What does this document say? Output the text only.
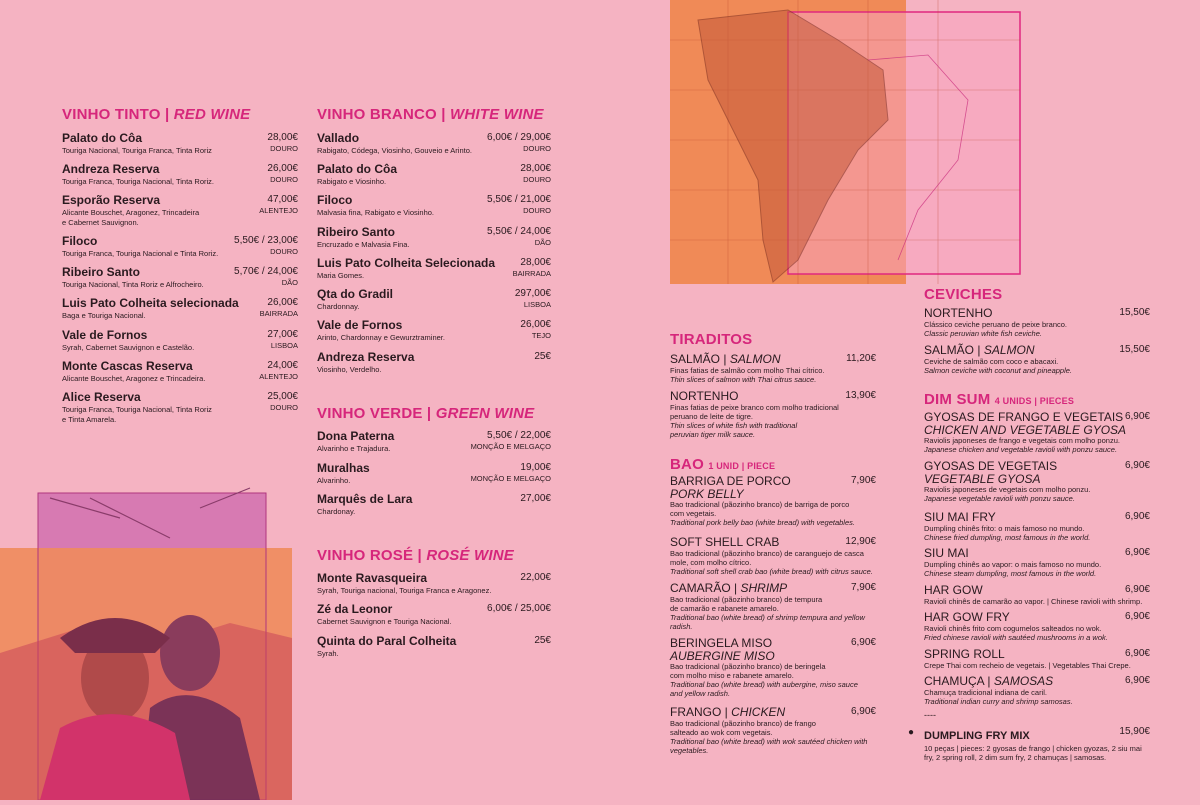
VINHO TINTO | RED WINE
Palato do Côa	28,00€
Touriga Nacional, Touriga Franca, Tinta Roriz	DOURO
Andreza Reserva	26,00€
Touriga Franca, Touriga Nacional, Tinta Roriz.	DOURO
Esporão Reserva	47,00€
Alicante Bouschet, Aragonez, Trincadeira
e Cabernet Sauvignon.
ALENTEJO
Filoco	5,50€ / 23,00€
Touriga Franca, Touriga Nacional e Tinta Roriz.	DOURO
Ribeiro Santo	5,70€ / 24,00€
Touriga Nacional, Tinta Roriz e Alfrocheiro.	DÃO
Luis Pato Colheita selecionada	26,00€
Baga e Touriga Nacional.	BAIRRADA
Vale de Fornos	27,00€
Syrah, Cabernet Sauvignon e Castelão.	LISBOA
Monte Cascas Reserva	24,00€
Alicante Bouschet, Aragonez e Trincadeira.	ALENTEJO
Alice Reserva	25,00€
Touriga Franca, Touriga Nacional, Tinta Roriz
e Tinta Amarela.
DOURO
VINHO BRANCO | WHITE WINE
Vallado	6,00€ / 29,00€
Rabigato, Códega, Viosinho, Gouveio e Arinto.	DOURO
Palato do Côa	28,00€
Rabigato e Viosinho.	DOURO
Filoco	5,50€ / 21,00€
Malvasia fina, Rabigato e Viosinho.	DOURO
Ribeiro Santo	5,50€ / 24,00€
Encruzado e Malvasia Fina.	DÃO
Luis Pato Colheita Selecionada	28,00€
Maria Gomes.	BAIRRADA
Qta do Gradil	297,00€
Chardonnay.	LISBOA
Vale de Fornos	26,00€
Arinto, Chardonnay e Gewurztraminer.	TEJO
Andreza Reserva	25€
Viosinho, Verdelho.
VINHO VERDE | GREEN WINE
Dona Paterna	5,50€ / 22,00€
Alvarinho e Trajadura.	MONÇÃO E MELGAÇO
Muralhas	19,00€
Alvarinho.	MONÇÃO E MELGAÇO
Marquês de Lara	27,00€
Chardonay.
VINHO ROSÉ | ROSÉ WINE
Monte Ravasqueira	22,00€
Syrah, Touriga nacional, Touriga Franca e Aragonez.
Zé da Leonor	6,00€ / 25,00€
Cabernet Sauvignon e Touriga Nacional.
Quinta do Paral Colheita	25€
Syrah.
TIRADITOS
SALMÃO | SALMON	11,20€
Finas fatias de salmão com molho Thai cítrico.
Thin slices of salmon with Thai citrus sauce.
NORTENHO	13,90€
Finas fatias de peixe branco com molho tradicional
peruano de leite de tigre.
Thin slices of white fish with traditional
peruvian tiger milk sauce.
BAO 1 UNID | PIECE
BARRIGA DE PORCO
PORK BELLY
7,90€
Bao tradicional (pãozinho branco) de barriga de porco
com vegetais.
Traditional pork belly bao (white bread) with vegetables.
SOFT SHELL CRAB	12,90€
Bao tradicional (pãozinho branco) de caranguejo de casca
mole, com molho cítrico.
Traditional soft shell crab bao (white bread) with citrus sauce.
CAMARÃO | SHRIMP	7,90€
Bao tradicional (pãozinho branco) de tempura
de camarão e rabanete amarelo.
Traditional bao (white bread) of shrimp tempura and yellow
radish.
BERINGELA MISO
AUBERGINE MISO
6,90€
Bao tradicional (pãozinho branco) de beringela
com molho miso e rabanete amarelo.
Traditional bao (white bread) with aubergine, miso sauce
and yellow radish.
FRANGO | CHICKEN	6,90€
Bao tradicional (pãozinho branco) de frango
salteado ao wok com vegetais.
Traditional bao (white bread) with wok sautéed chicken with
vegetables.
CEVICHES
NORTENHO	15,50€
Clássico ceviche peruano de peixe branco.
Classic peruvian white fish ceviche.
SALMÃO | SALMON	15,50€
Ceviche de salmão com coco e abacaxi.
Salmon ceviche with coconut and pineapple.
DIM SUM 4 UNIDS | PIECES
GYOSAS DE FRANGO E VEGETAIS
CHICKEN AND VEGETABLE GYOSA
6,90€
Raviolis japoneses de frango e vegetais com molho ponzu.
Japanese chicken and vegetable ravioli with ponzu sauce.
GYOSAS DE VEGETAIS
VEGETABLE GYOSA
6,90€
Raviolis japoneses de vegetais com molho ponzu.
Japanese vegetable ravioli with ponzu sauce.
SIU MAI FRY	6,90€
Dumpling chinês frito: o mais famoso no mundo.
Chinese fried dumpling, most famous in the world.
SIU MAI	6,90€
Dumpling chinês ao vapor: o mais famoso no mundo.
Chinese steam dumpling, most famous in the world.
HAR GOW	6,90€
Ravioli chinês de camarão ao vapor. | Chinese ravioli with shrimp.
HAR GOW FRY	6,90€
Ravioli chinês frito com cogumelos salteados no wok.
Fried chinese ravioli with sautéed mushrooms in a wok.
SPRING ROLL	6,90€
Crepe Thai com recheio de vegetais. | Vegetables Thai Crepe.
CHAMUÇA | SAMOSAS	6,90€
Chamuça tradicional indiana de caril.
Traditional indian curry and shrimp samosas.
----
● DUMPLING FRY MIX	15,90€
10 peças | pieces: 2 gyosas de frango | chicken gyozas, 2 siu mai
fry, 2 spring roll, 2 dim sum fry, 2 chamuças | samosas.
